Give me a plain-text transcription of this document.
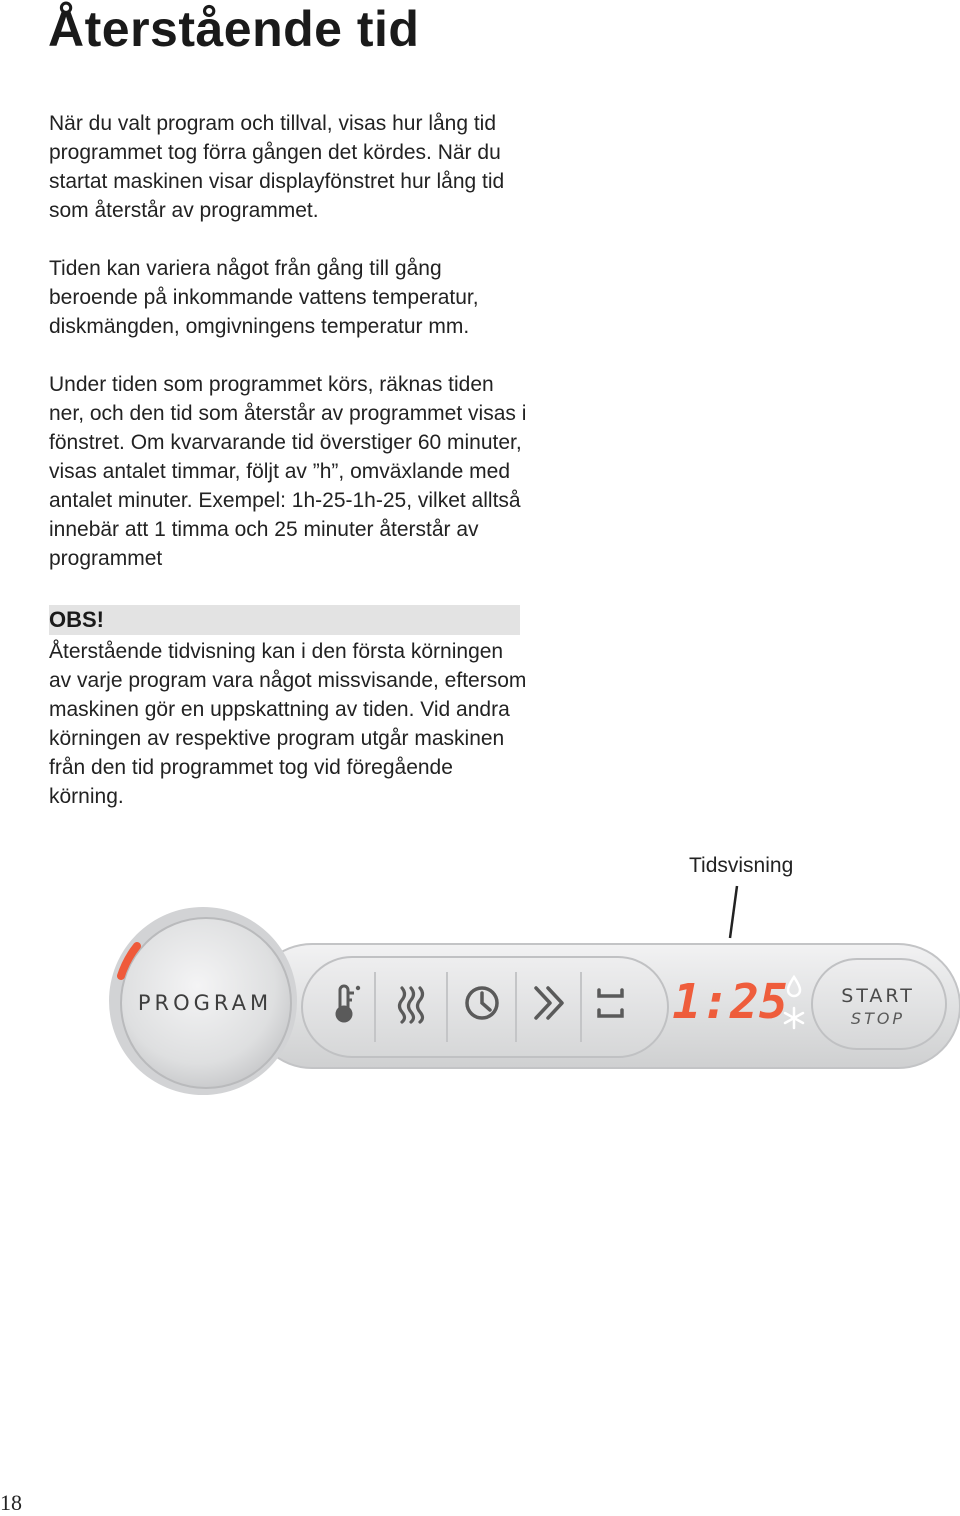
Återstående tid

När du valt program och tillval, visas hur lång tid programmet tog förra gången det kördes. När du startat maskinen visar displayfönstret hur lång tid som återstår av programmet.

Tiden kan variera något från gång till gång beroende på inkommande vattens temperatur, diskmängden, omgivningens temperatur mm.

Under tiden som programmet körs, räknas tiden ner, och den tid som återstår av programmet visas i fönstret. Om kvarvarande tid överstiger 60 minuter, visas antalet timmar, följt av ”h”, omväxlande med antalet minuter. Exempel: 1h-25-1h-25, vilket alltså innebär att 1 timma och 25 minuter återstår av programmet

OBS!

Återstående tidvisning kan i den första körningen av varje program vara något missvisande, eftersom maskinen gör en uppskattning av tiden. Vid andra körningen av respektive program utgår maskinen från den tid programmet tog vid föregående körning.

Tidsvisning
PROGRAM	1:25	START
STOP
18
